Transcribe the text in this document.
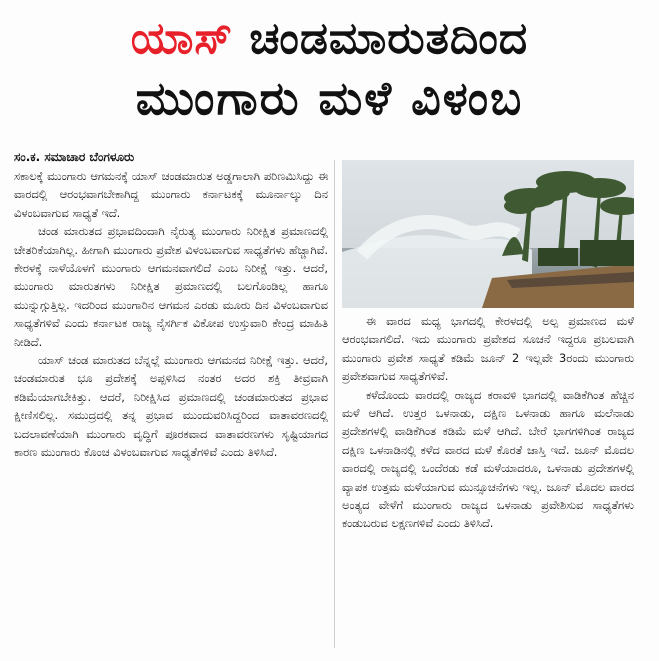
ಯಾಸ್ ಚಂಡಮಾರುತದಿಂದ
ಮುಂಗಾರು ಮಳೆ ವಿಳಂಬ
ಸಂ.ಕ. ಸಮಾಚಾರ ಬೆಂಗಳೂರು

ಸಕಾಲಕ್ಕೆ ಮುಂಗಾರು ಆಗಮನಕ್ಕೆ ಯಾಸ್ ಚಂಡಮಾರುತ ಅಡ್ಡಗಾಲಾಗಿ ಪರಿಣಮಿಸಿದ್ದು ಈ ವಾರದಲ್ಲಿ ಆರಂಭವಾಗಬೇಕಾಗಿದ್ದ ಮುಂಗಾರು ಕರ್ನಾಟಕಕ್ಕೆ ಮೂರ್ನಾಲ್ಕು ದಿನ ವಿಳಂಬವಾಗುವ ಸಾಧ್ಯತೆ ಇದೆ.

ಚಂಡ ಮಾರುತದ ಪ್ರಭಾವದಿಂದಾಗಿ ನೈರುತ್ಯ ಮುಂಗಾರು ನಿರೀಕ್ಷಿತ ಪ್ರಮಾಣದಲ್ಲಿ ಚೇತರಿಕೆಯಾಗಿಲ್ಲ. ಹೀಗಾಗಿ ಮುಂಗಾರು ಪ್ರವೇಶ ವಿಳಂಬವಾಗುವ ಸಾಧ್ಯತೆಗಳು ಹೆಚ್ಚಾಗಿವೆ. ಕೇರಳಕ್ಕೆ ನಾಳೆಯೊಳಗೆ ಮುಂಗಾರು ಆಗಮನವಾಗಲಿದೆ ಎಂಬ ನಿರೀಕ್ಷೆ ಇತ್ತು. ಆದರೆ, ಮುಂಗಾರು ಮಾರುತಗಳು ನಿರೀಕ್ಷಿತ ಪ್ರಮಾಣದಲ್ಲಿ ಬಲಗೊಂಡಿಲ್ಲ ಹಾಗೂ ಮುನ್ನುಗ್ಗುತ್ತಿಲ್ಲ. ಇದರಿಂದ ಮುಂಗಾರಿನ ಆಗಮನ ಎರಡು ಮೂರು ದಿನ ವಿಳಂಬವಾಗುವ ಸಾಧ್ಯತೆಗಳಿವೆ ಎಂದು ಕರ್ನಾಟಕ ರಾಜ್ಯ ನೈಸರ್ಗಿಕ ವಿಕೋಪ ಉಸ್ತುವಾರಿ ಕೇಂದ್ರ ಮಾಹಿತಿ ನೀಡಿದೆ.

ಯಾಸ್ ಚಂಡ ಮಾರುತದ ಬೆನ್ನಲ್ಲೆ ಮುಂಗಾರು ಆಗಮನದ ನಿರೀಕ್ಷೆ ಇತ್ತು. ಆದರೆ, ಚಂಡಮಾರುತ ಭೂ ಪ್ರದೇಶಕ್ಕೆ ಅಪ್ಪಳಿಸಿದ ನಂತರ ಅದರ ಶಕ್ತಿ ತೀವ್ರವಾಗಿ ಕಡಿಮೆಯಾಗಬೇಕಿತ್ತು. ಆದರೆ, ನಿರೀಕ್ಷಿಸಿದ ಪ್ರಮಾಣದಲ್ಲಿ ಚಂಡಮಾರುತದ ಪ್ರಭಾವ ಕ್ಷೀಣಿಸಲಿಲ್ಲ. ಸಮುದ್ರದಲ್ಲಿ ತನ್ನ ಪ್ರಭಾವ ಮುಂದುವರಿಸಿದ್ದರಿಂದ ವಾತಾವರಣದಲ್ಲಿ ಬದಲಾವಣೆಯಾಗಿ ಮುಂಗಾರು ವೃದ್ಧಿಗೆ ಪೂರಕವಾದ ವಾತಾವರಣಗಳು ಸೃಷ್ಟಿಯಾಗದ ಕಾರಣ ಮುಂಗಾರು ಕೊಂಚ ವಿಳಂಬವಾಗುವ ಸಾಧ್ಯತೆಗಳಿವೆ ಎಂದು ತಿಳಿಸಿದೆ.

ಈ ವಾರದ ಮಧ್ಯ ಭಾಗದಲ್ಲಿ ಕೇರಳದಲ್ಲಿ ಅಲ್ಪ ಪ್ರಮಾಣದ ಮಳೆ ಆರಂಭವಾಗಲಿದೆ. ಇದು ಮುಂಗಾರು ಪ್ರವೇಶದ ಸೂಚನೆ ಇದ್ದರೂ ಪ್ರಬಲವಾಗಿ ಮುಂಗಾರು ಪ್ರವೇಶ ಸಾಧ್ಯತೆ ಕಡಿಮೆ ಜೂನ್ 2 ಇಲ್ಲವೇ 3ರಂದು ಮುಂಗಾರು ಪ್ರವೇಶವಾಗುವ ಸಾಧ್ಯತೆಗಳಿವೆ.

ಕಳೆದೊಂದು ವಾರದಲ್ಲಿ ರಾಜ್ಯದ ಕರಾವಳಿ ಭಾಗದಲ್ಲಿ ವಾಡಿಕೆಗಿಂತ ಹೆಚ್ಚಿನ ಮಳೆ ಆಗಿದೆ. ಉತ್ತರ ಒಳನಾಡು, ದಕ್ಷಿಣ ಒಳನಾಡು ಹಾಗೂ ಮಲೆನಾಡು ಪ್ರದೇಶಗಳಲ್ಲಿ ವಾಡಿಕೆಗಿಂತ ಕಡಿಮೆ ಮಳೆ ಆಗಿದೆ. ಬೇರೆ ಭಾಗಗಳಿಗಿಂತ ರಾಜ್ಯದ ದಕ್ಷಿಣ ಒಳನಾಡಿನಲ್ಲಿ ಕಳೆದ ವಾರದ ಮಳೆ ಕೊರತೆ ಜಾಸ್ತಿ ಇದೆ. ಜೂನ್ ಮೊದಲ ವಾರದಲ್ಲಿ ರಾಜ್ಯದಲ್ಲಿ ಒಂದೆರಡು ಕಡೆ ಮಳೆಯಾದರೂ, ಒಳನಾಡು ಪ್ರದೇಶಗಳಲ್ಲಿ ವ್ಯಾಪಕ ಉತ್ತಮ ಮಳೆಯಾಗುವ ಮುನ್ಸೂಚನೆಗಳು ಇಲ್ಲ. ಜೂನ್ ಮೊದಲ ವಾರದ ಅಂತ್ಯದ ವೇಳೆಗೆ ಮುಂಗಾರು ರಾಜ್ಯದ ಒಳನಾಡು ಪ್ರವೇಶಿಸುವ ಸಾಧ್ಯತೆಗಳು ಕಂಡುಬರುವ ಲಕ್ಷಣಗಳಿವೆ ಎಂದು ತಿಳಿಸಿದೆ.
